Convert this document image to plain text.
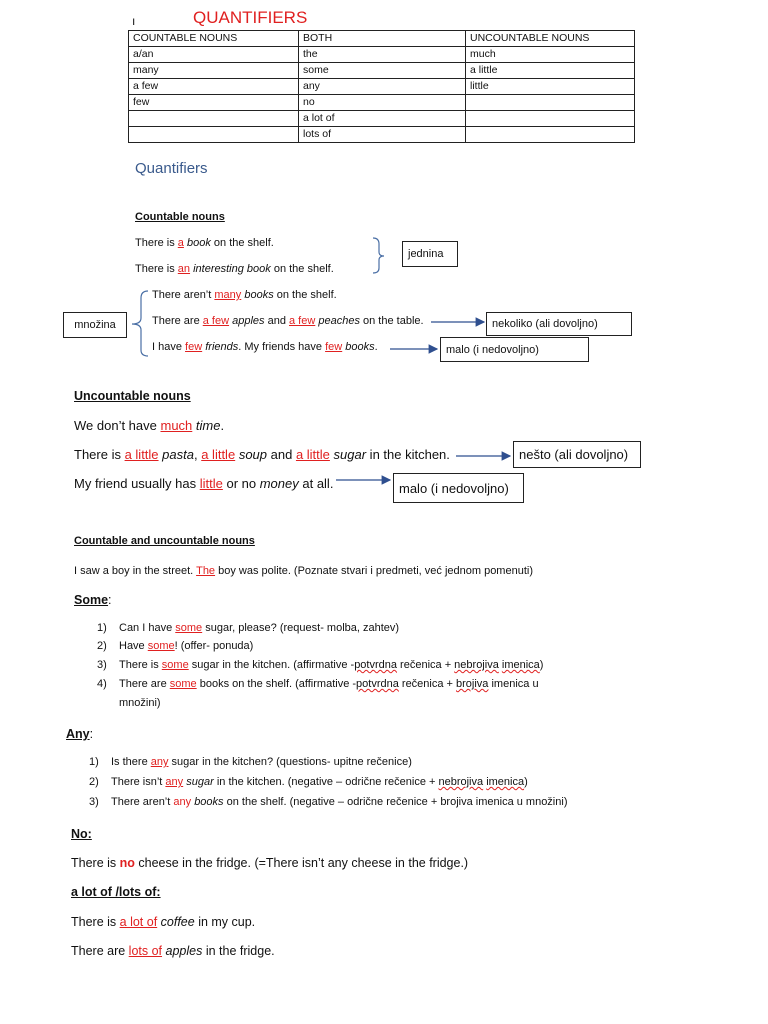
ı	QUANTIFIERS
COUNTABLE NOUNS	BOTH	UNCOUNTABLE NOUNS
a/an	the	much
many	some	a little
a few	any	little
few	no	
	a lot of	
	lots of	
Quantifiers
Countable nouns
There is a book on the shelf.
There is an interesting book on the shelf.
There aren’t many books on the shelf.
There are a few apples and a few peaches on the table.
I have few friends. My friends have few books.
jednina
množina	nekoliko (ali dovoljno)
malo (i nedovoljno)
Uncountable nouns
We don’t have much time.
There is a little pasta, a little soup and a little sugar in the kitchen.
My friend usually has little or no money at all.
nešto (ali dovoljno)
malo (i nedovoljno)
Countable and uncountable nouns
I saw a boy in the street. The boy was polite. (Poznate stvari i predmeti, već jednom pomenuti)
Some:
1) Can I have some sugar, please? (request- molba, zahtev)
2) Have some! (offer- ponuda)
3) There is some sugar in the kitchen. (affirmative -potvrdna rečenica + nebrojiva imenica)
4) There are some books on the shelf. (affirmative -potvrdna rečenica + brojiva imenica u
množini)
Any:
1) Is there any sugar in the kitchen? (questions- upitne rečenice)
2) There isn’t any sugar in the kitchen. (negative – odrične rečenice + nebrojiva imenica)
3) There aren’t any books on the shelf. (negative – odrične rečenice + brojiva imenica u množini)
No:
There is no cheese in the fridge. (=There isn’t any cheese in the fridge.)
a lot of /lots of:
There is a lot of coffee in my cup.
There are lots of apples in the fridge.
